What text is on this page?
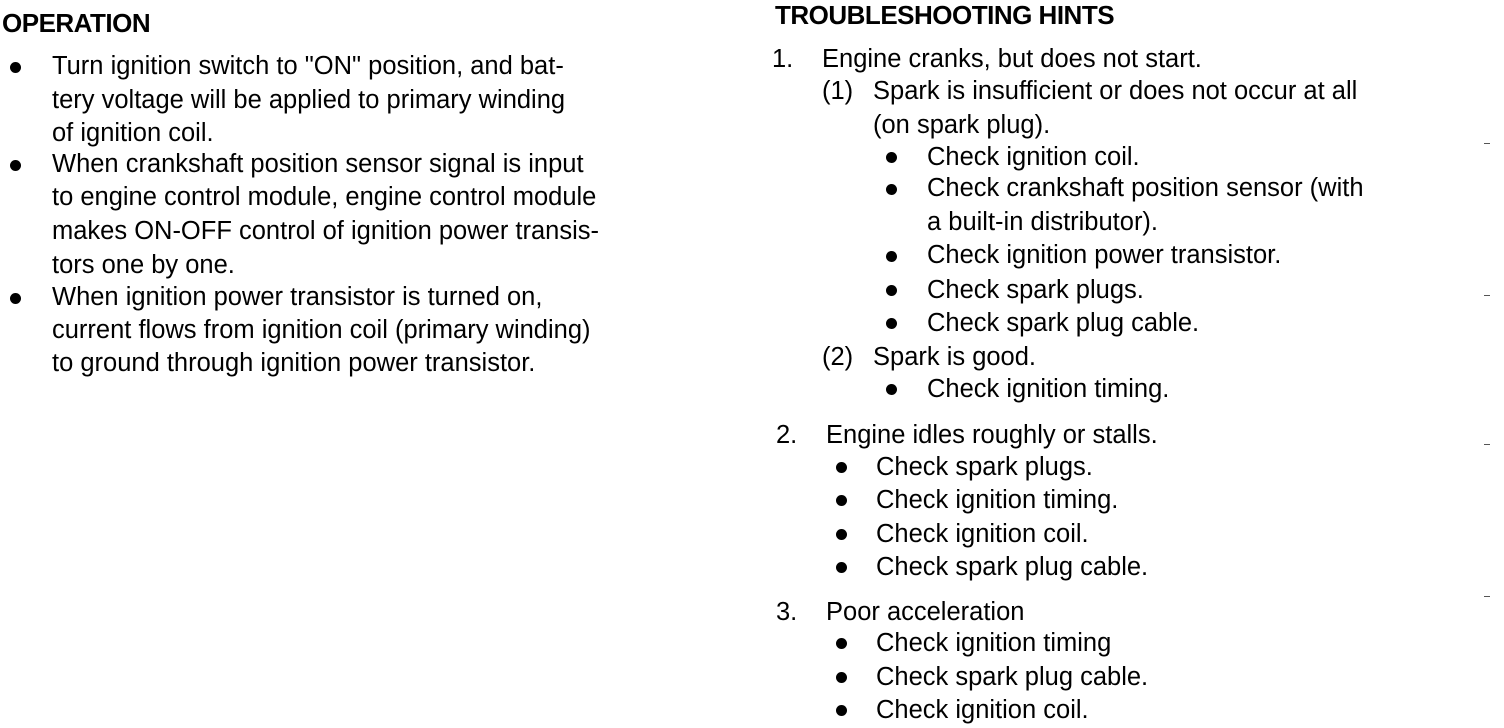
OPERATION
Turn ignition switch to "ON" position, and bat-
tery voltage will be applied to primary winding
of ignition coil.
When crankshaft position sensor signal is input
to engine control module, engine control module
makes ON-OFF control of ignition power transis-
tors one by one.
When ignition power transistor is turned on,
current flows from ignition coil (primary winding)
to ground through ignition power transistor.
TROUBLESHOOTING HINTS
1. Engine cranks, but does not start.
(1) Spark is insufficient or does not occur at all
(on spark plug).
Check ignition coil.
Check crankshaft position sensor (with
a built-in distributor).
Check ignition power transistor.
Check spark plugs.
Check spark plug cable.
(2) Spark is good.
Check ignition timing.
2. Engine idles roughly or stalls.
Check spark plugs.
Check ignition timing.
Check ignition coil.
Check spark plug cable.
3. Poor acceleration
Check ignition timing
Check spark plug cable.
Check ignition coil.
